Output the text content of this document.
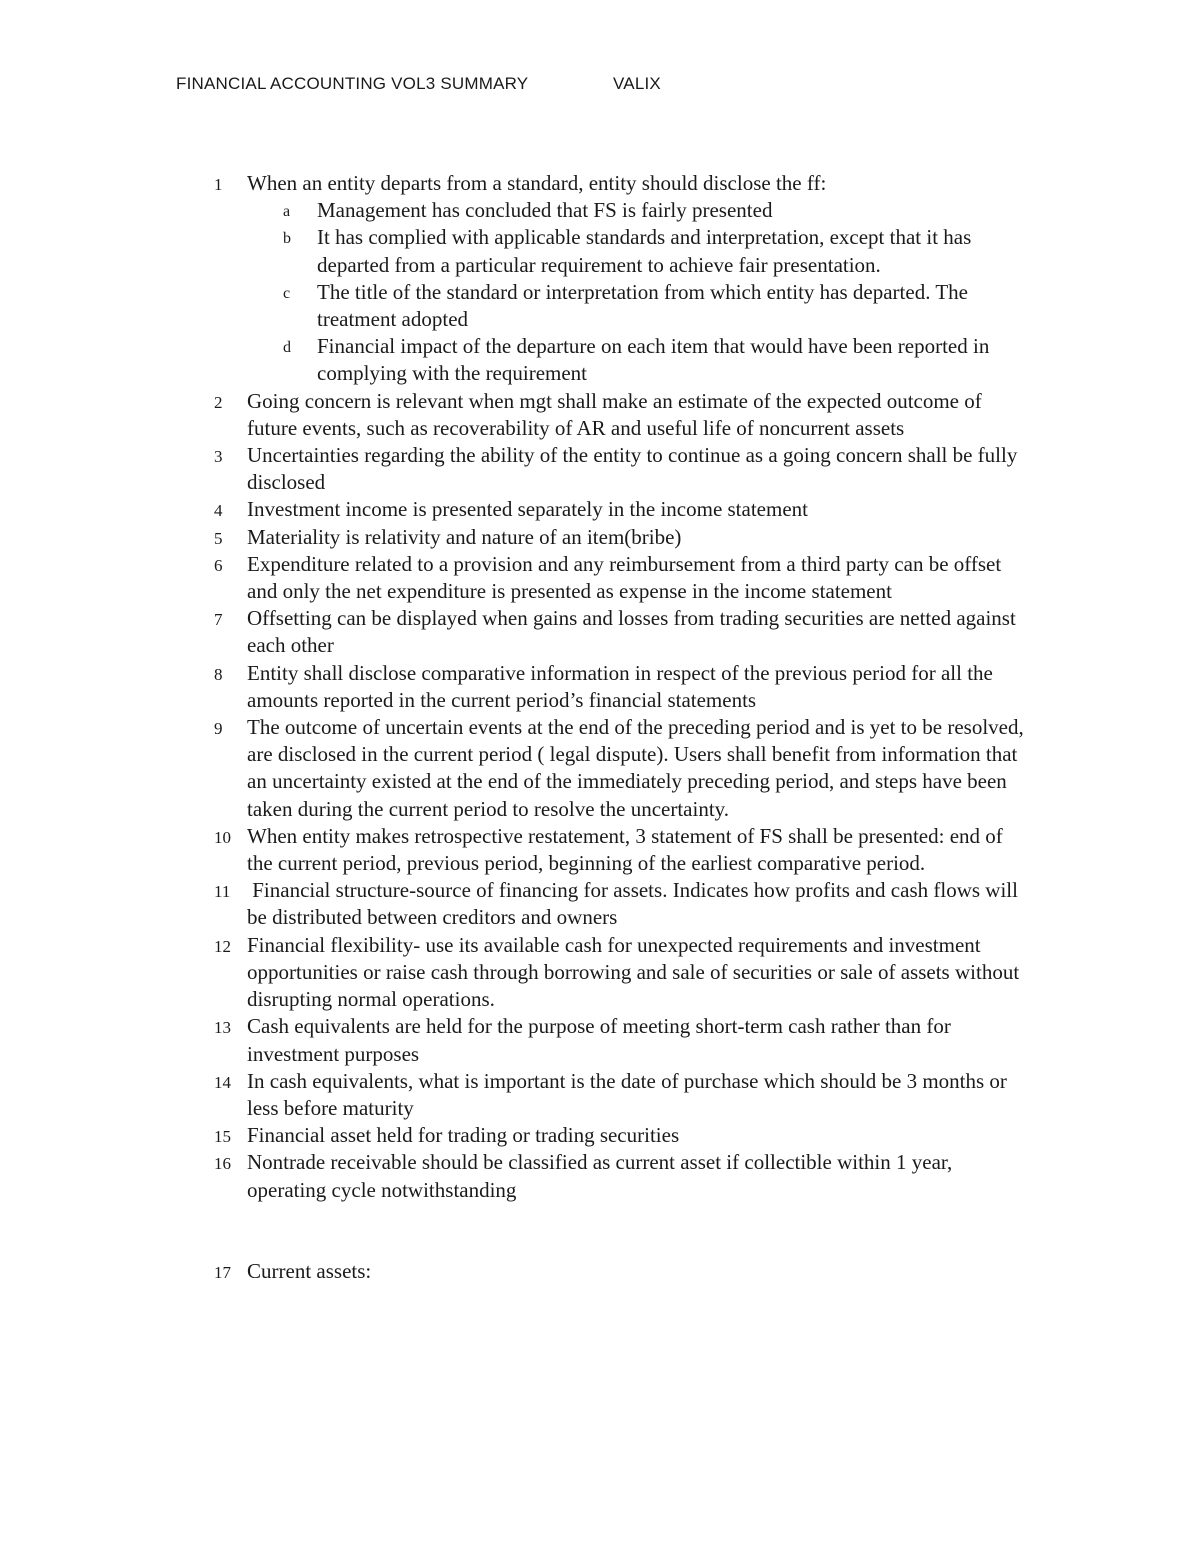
FINANCIAL ACCOUNTING VOL3 SUMMARY	VALIX
1 When an entity departs from a standard, entity should disclose the ff:
a Management has concluded that FS is fairly presented
b It has complied with applicable standards and interpretation, except that it has departed from a particular requirement to achieve fair presentation.
c The title of the standard or interpretation from which entity has departed. The treatment adopted
d Financial impact of the departure on each item that would have been reported in complying with the requirement
2 Going concern is relevant when mgt shall make an estimate of the expected outcome of future events, such as recoverability of AR and useful life of noncurrent assets
3 Uncertainties regarding the ability of the entity to continue as a going concern shall be fully disclosed
4 Investment income is presented separately in the income statement
5 Materiality is relativity and nature of an item(bribe)
6 Expenditure related to a provision and any reimbursement from a third party can be offset and only the net expenditure is presented as expense in the income statement
7 Offsetting can be displayed when gains and losses from trading securities are netted against each other
8 Entity shall disclose comparative information in respect of the previous period for all the amounts reported in the current period’s financial statements
9 The outcome of uncertain events at the end of the preceding period and is yet to be resolved, are disclosed in the current period ( legal dispute). Users shall benefit from information that an uncertainty existed at the end of the immediately preceding period, and steps have been taken during the current period to resolve the uncertainty.
10 When entity makes retrospective restatement, 3 statement of FS shall be presented: end of the current period, previous period, beginning of the earliest comparative period.
11 Financial structure-source of financing for assets. Indicates how profits and cash flows will be distributed between creditors and owners
12 Financial flexibility- use its available cash for unexpected requirements and investment opportunities or raise cash through borrowing and sale of securities or sale of assets without disrupting normal operations.
13 Cash equivalents are held for the purpose of meeting short-term cash rather than for investment purposes
14 In cash equivalents, what is important is the date of purchase which should be 3 months or less before maturity
15 Financial asset held for trading or trading securities
16 Nontrade receivable should be classified as current asset if collectible within 1 year, operating cycle notwithstanding
17 Current assets:
